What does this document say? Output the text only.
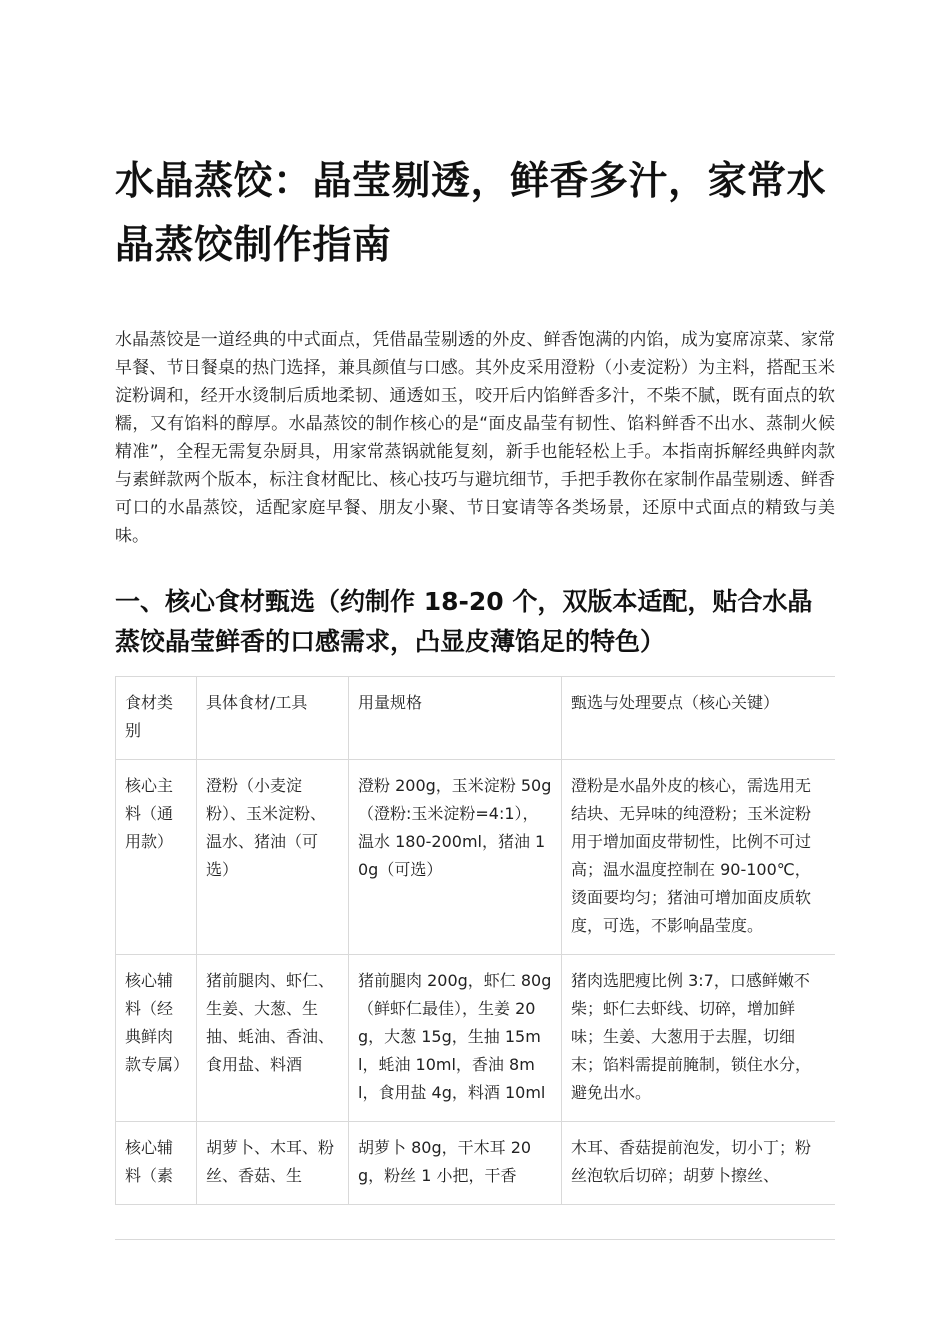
水晶蒸饺：晶莹剔透，鲜香多汁，家常水晶蒸饺制作指南

水晶蒸饺是一道经典的中式面点，凭借晶莹剔透的外皮、鲜香饱满的内馅，成为宴席凉菜、家常早餐、节日餐桌的热门选择，兼具颜值与口感。其外皮采用澄粉（小麦淀粉）为主料，搭配玉米淀粉调和，经开水烫制后质地柔韧、通透如玉，咬开后内馅鲜香多汁，不柴不腻，既有面点的软糯，又有馅料的醇厚。水晶蒸饺的制作核心的是“面皮晶莹有韧性、馅料鲜香不出水、蒸制火候精准”，全程无需复杂厨具，用家常蒸锅就能复刻，新手也能轻松上手。本指南拆解经典鲜肉款与素鲜款两个版本，标注食材配比、核心技巧与避坑细节，手把手教你在家制作晶莹剔透、鲜香可口的水晶蒸饺，适配家庭早餐、朋友小聚、节日宴请等各类场景，还原中式面点的精致与美味。

一、核心食材甄选（约制作 18-20 个，双版本适配，贴合水晶蒸饺晶莹鲜香的口感需求，凸显皮薄馅足的特色）
食材类别	具体食材/工具	用量规格	甄选与处理要点（核心关键）
核心主料（通用款）	澄粉（小麦淀粉）、玉米淀粉、温水、猪油（可选）	澄粉 200g，玉米淀粉 50g（澄粉:玉米淀粉=4:1），温水 180-200ml，猪油 10g（可选）	澄粉是水晶外皮的核心，需选用无结块、无异味的纯澄粉；玉米淀粉用于增加面皮带韧性，比例不可过高；温水温度控制在 90-100℃，烫面要均匀；猪油可增加面皮质软度，可选，不影响晶莹度。
核心辅料（经典鲜肉款专属）	猪前腿肉、虾仁、生姜、大葱、生抽、蚝油、香油、食用盐、料酒	猪前腿肉 200g，虾仁 80g（鲜虾仁最佳），生姜 20g，大葱 15g，生抽 15ml，蚝油 10ml，香油 8ml，食用盐 4g，料酒 10ml	猪肉选肥瘦比例 3:7，口感鲜嫩不柴；虾仁去虾线、切碎，增加鲜味；生姜、大葱用于去腥，切细末；馅料需提前腌制，锁住水分，避免出水。
核心辅料（素	胡萝卜、木耳、粉丝、香菇、生	胡萝卜 80g，干木耳 20g，粉丝 1 小把，干香	木耳、香菇提前泡发，切小丁；粉丝泡软后切碎；胡萝卜擦丝、
